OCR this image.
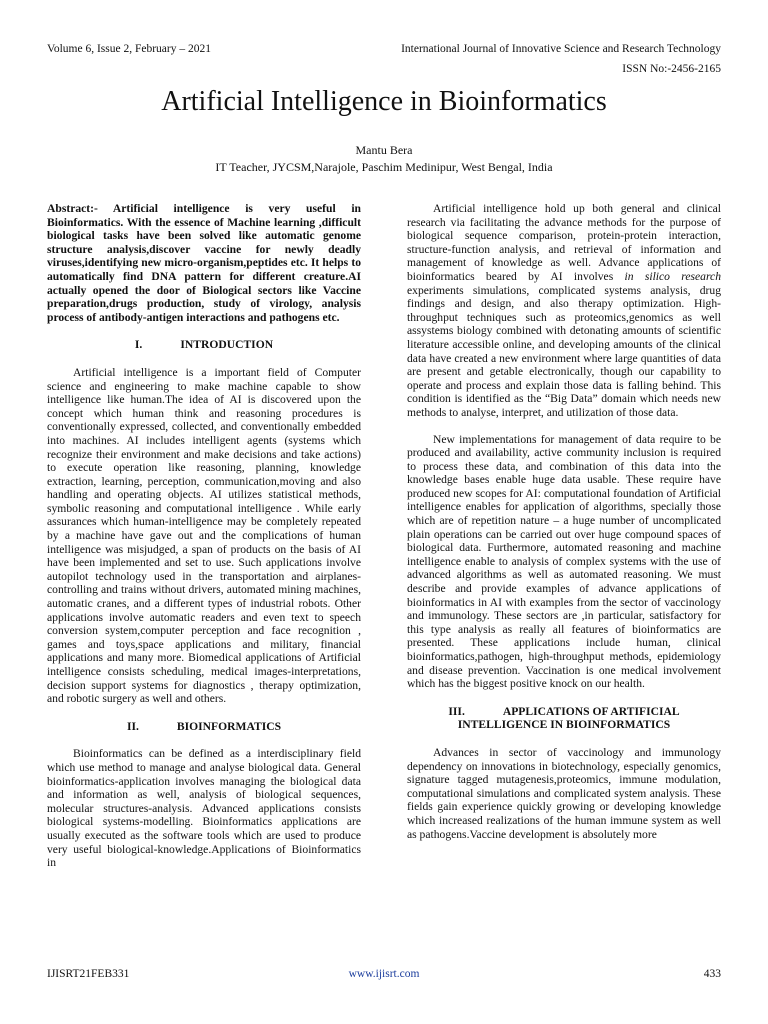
Volume 6, Issue 2, February – 2021	International Journal of Innovative Science and Research Technology
ISSN No:-2456-2165
Artificial Intelligence in Bioinformatics
Mantu Bera
IT Teacher, JYCSM,Narajole, Paschim Medinipur, West Bengal, India

Abstract:- Artificial intelligence is very useful in Bioinformatics. With the essence of Machine learning ,difficult biological tasks have been solved like automatic genome structure analysis,discover vaccine for newly deadly viruses,identifying new micro-organism,peptides etc. It helps to automatically find DNA pattern for different creature.AI actually opened the door of Biological sectors like Vaccine preparation,drugs production, study of virology, analysis process of antibody-antigen interactions and pathogens etc.

I.	INTRODUCTION

Artificial intelligence is a important field of Computer science and engineering to make machine capable to show intelligence like human.The idea of AI is discovered upon the concept which human think and reasoning procedures is conventionally expressed, collected, and conventionally embedded into machines. AI includes intelligent agents (systems which recognize their environment and make decisions and take actions) to execute operation like reasoning, planning, knowledge extraction, learning, perception, communication,moving and also handling and operating objects. AI utilizes statistical methods, symbolic reasoning and computational intelligence . While early assurances which human-intelligence may be completely repeated by a machine have gave out and the complications of human intelligence was misjudged, a span of products on the basis of AI have been implemented and set to use. Such applications involve autopilot technology used in the transportation and airplanes-controlling and trains without drivers, automated mining machines, automatic cranes, and a different types of industrial robots. Other applications involve automatic readers and even text to speech conversion system,computer perception and face recognition , games and toys,space applications and military, financial applications and many more. Biomedical applications of Artificial intelligence consists scheduling, medical images-interpretations, decision support systems for diagnostics , therapy optimization, and robotic surgery as well and others.

II.	BIOINFORMATICS

Bioinformatics can be defined as a interdisciplinary field which use method to manage and analyse biological data. General bioinformatics-application involves managing the biological data and information as well, analysis of biological sequences, molecular structures-analysis. Advanced applications consists biological systems-modelling. Bioinformatics applications are usually executed as the software tools which are used to produce very useful biological-knowledge.Applications of Bioinformatics in

Artificial intelligence hold up both general and clinical research via facilitating the advance methods for the purpose of biological sequence comparison, protein-protein interaction, structure-function analysis, and retrieval of information and management of knowledge as well. Advance applications of bioinformatics beared by AI involves in silico research experiments simulations, complicated systems analysis, drug findings and design, and also therapy optimization. High-throughput techniques such as proteomics,genomics as well assystems biology combined with detonating amounts of scientific literature accessible online, and developing amounts of the clinical data have created a new environment where large quantities of data are present and getable electronically, though our capability to operate and process and explain those data is falling behind. This condition is identified as the “Big Data” domain which needs new methods to analyse, interpret, and utilization of those data.

New implementations for management of data require to be produced and availability, active community inclusion is required to process these data, and combination of this data into the knowledge bases enable huge data usable. These require have produced new scopes for AI: computational foundation of Artificial intelligence enables for application of algorithms, specially those which are of repetition nature – a huge number of uncomplicated plain operations can be carried out over huge compound spaces of biological data. Furthermore, automated reasoning and machine intelligence enable to analysis of complex systems with the use of advanced algorithms as well as automated reasoning. We must describe and provide examples of advance applications of bioinformatics in AI with examples from the sector of vaccinology and immunology. These sectors are ,in particular, satisfactory for this type analysis as really all features of bioinformatics are presented. These applications include human, clinical bioinformatics,pathogen, high-throughput methods, epidemiology and disease prevention. Vaccination is one medical involvement which has the biggest positive knock on our health.

III.	APPLICATIONS OF ARTIFICIAL
INTELLIGENCE IN BIOINFORMATICS

Advances in sector of vaccinology and immunology dependency on innovations in biotechnology, especially genomics, signature tagged mutagenesis,proteomics, immune modulation, computational simulations and complicated system analysis. These fields gain experience quickly growing or developing knowledge which increased realizations of the human immune system as well as pathogens.Vaccine development is absolutely more

IJISRT21FEB331	www.ijisrt.com	433
